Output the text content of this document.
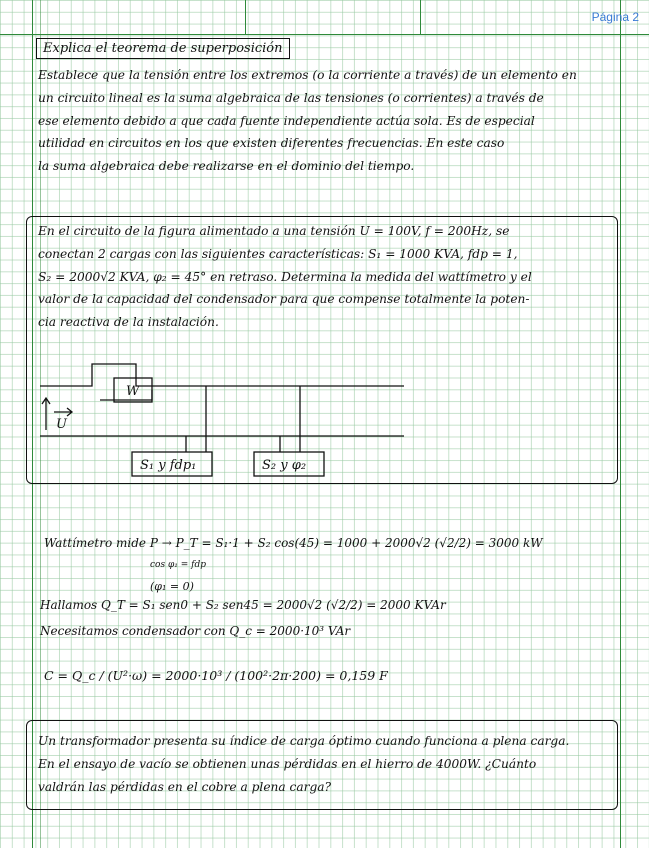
Página 2
Explica el teorema de superposición
Establece que la tensión entre los extremos (o la corriente a través) de un elemento en
un circuito lineal es la suma algebraica de las tensiones (o corrientes) a través de
ese elemento debido a que cada fuente independiente actúa sola. Es de especial
utilidad en circuitos en los que existen diferentes frecuencias. En este caso
la suma algebraica debe realizarse en el dominio del tiempo.
En el circuito de la figura alimentado a una tensión U = 100V, f = 200Hz, se
conectan 2 cargas con las siguientes características: S₁ = 1000 KVA, fdp = 1,
S₂ = 2000√2 KVA, φ₂ = 45° en retraso. Determina la medida del wattímetro y el
valor de la capacidad del condensador para que compense totalmente la poten-
cia reactiva de la instalación.
W
U
S₁ y fdp₁	S₂ y φ₂
Wattímetro mide P → P_T = S₁·1 + S₂ cos(45) = 1000 + 2000√2 (√2/2) = 3000 kW
cos φ₁ = fdp
(φ₁ = 0)
Hallamos Q_T = S₁ sen0 + S₂ sen45 = 2000√2 (√2/2) = 2000 KVAr
Necesitamos condensador con Q_c = 2000·10³ VAr
C = Q_c / (U²·ω) = 2000·10³ / (100²·2π·200) = 0,159 F
Un transformador presenta su índice de carga óptimo cuando funciona a plena carga.
En el ensayo de vacío se obtienen unas pérdidas en el hierro de 4000W. ¿Cuánto
valdrán las pérdidas en el cobre a plena carga?
